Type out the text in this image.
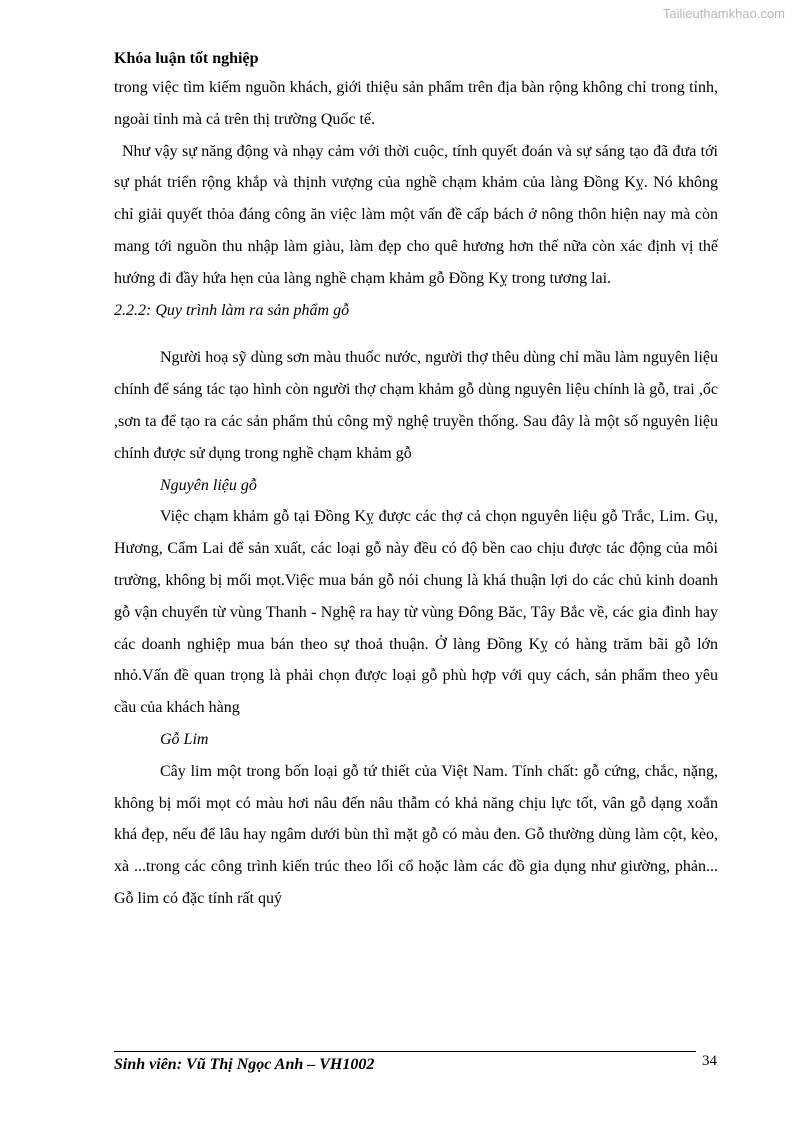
Tailieuthamkhao.com
Khóa luận tốt nghiệp

trong việc tìm kiếm nguồn khách, giới thiệu sản phẩm trên địa bàn rộng không chỉ trong tỉnh, ngoài tỉnh mà cả trên thị trường Quốc tế.

Như vậy sự năng động và nhạy cảm với thời cuộc, tính quyết đoán và sự sáng tạo đã đưa tới sự phát triển rộng khắp và thịnh vượng của nghề chạm khảm của làng Đồng Kỵ. Nó không chỉ giải quyết thỏa đáng công ăn việc làm một vấn đề cấp bách ở nông thôn hiện nay mà còn mang tới nguồn thu nhập làm giàu, làm đẹp cho quê hương hơn thế nữa còn xác định vị thế hướng đi đầy hứa hẹn của làng nghề chạm khảm gỗ Đồng Kỵ trong tương lai.

2.2.2: Quy trình làm ra sản phẩm gỗ

Người hoạ sỹ dùng sơn màu thuốc nước, người thợ thêu dùng chỉ mầu làm nguyên liệu chính để sáng tác tạo hình còn người thợ chạm khảm gỗ dùng nguyên liệu chính là gỗ, trai ,ốc ,sơn ta để tạo ra các sản phẩm thủ công mỹ nghệ truyền thống. Sau đây là một số nguyên liệu chính được sử dụng trong nghề chạm khảm gỗ

Nguyên liệu gỗ

Việc chạm khảm gỗ tại Đồng Kỵ được các thợ cả chọn nguyên liệu gỗ Trắc, Lim. Gụ, Hương, Cẩm Lai để sản xuất, các loại gỗ này đều có độ bền cao chịu được tác động của môi trường, không bị mối mọt.Việc mua bán gỗ nói chung là khá thuận lợi do các chủ kinh doanh gỗ vận chuyển từ vùng Thanh - Nghệ ra hay từ vùng Đông Băc, Tây Bắc về, các gia đình hay các doanh nghiệp mua bán theo sự thoả thuận. Ở làng Đồng Kỵ có hàng trăm bãi gỗ lớn nhỏ.Vấn đề quan trọng là phải chọn được loại gỗ phù hợp với quy cách, sản phẩm theo yêu cầu của khách hàng

Gỗ Lim

Cây lim một trong bốn loại gỗ tứ thiết của Việt Nam. Tính chất: gỗ cứng, chắc, nặng, không bị mối mọt có màu hơi nâu đến nâu thẫm có khả năng chịu lực tốt, vân gỗ dạng xoắn khá đẹp, nếu để lâu hay ngâm dưới bùn thì mặt gỗ có màu đen. Gỗ thường dùng làm cột, kèo, xà ...trong các công trình kiến trúc theo lối cổ hoặc làm các đồ gia dụng như giường, phản... Gỗ lim có đặc tính rất quý

Sinh viên: Vũ Thị Ngọc Anh – VH1002	34
